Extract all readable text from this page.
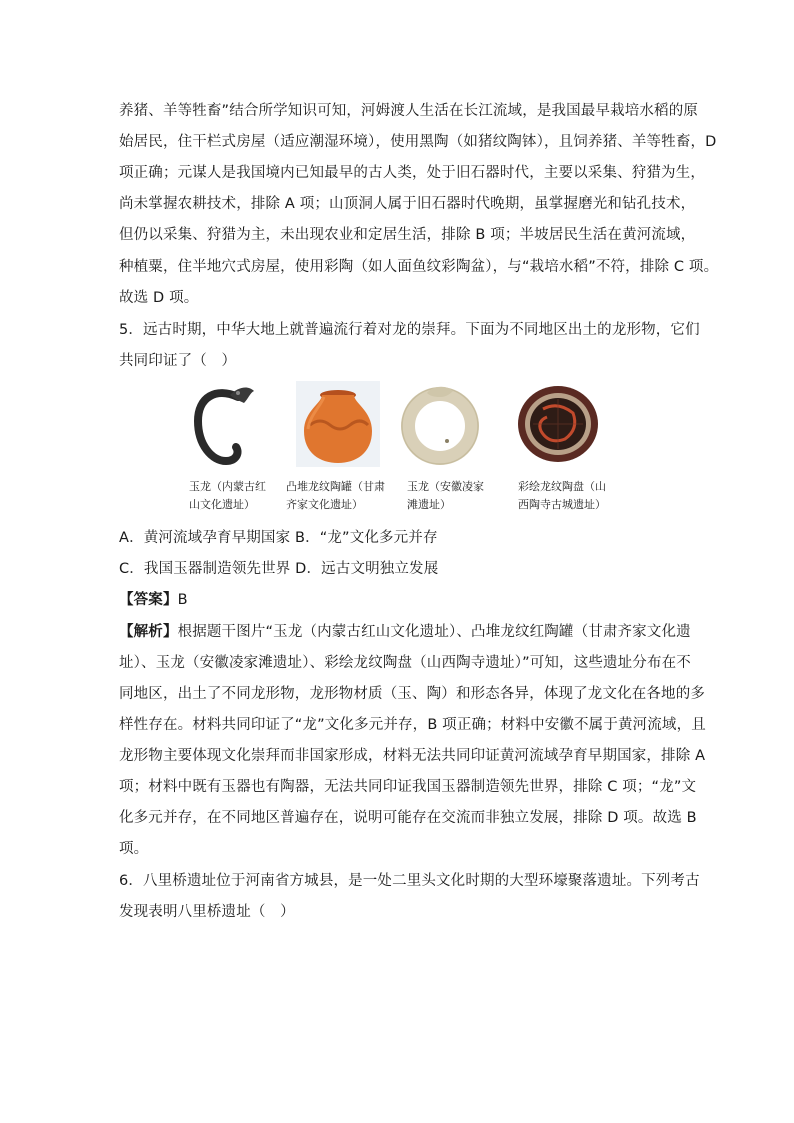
养猪、羊等牲畜”结合所学知识可知，河姆渡人生活在长江流域，是我国最早栽培水稻的原
始居民，住干栏式房屋（适应潮湿环境），使用黑陶（如猪纹陶钵），且饲养猪、羊等牲畜，D
项正确；元谋人是我国境内已知最早的古人类，处于旧石器时代，主要以采集、狩猎为生，
尚未掌握农耕技术，排除 A 项；山顶洞人属于旧石器时代晚期，虽掌握磨光和钻孔技术，
但仍以采集、狩猎为主，未出现农业和定居生活，排除 B 项；半坡居民生活在黄河流域，
种植粟，住半地穴式房屋，使用彩陶（如人面鱼纹彩陶盆），与“栽培水稻”不符，排除 C 项。
故选 D 项。
5．远古时期，中华大地上就普遍流行着对龙的崇拜。下面为不同地区出土的龙形物，它们
共同印证了（　）
玉龙（内蒙古红
山文化遗址）
凸堆龙纹陶罐（甘肃
齐家文化遗址）
玉龙（安徽凌家
滩遗址）
彩绘龙纹陶盘（山
西陶寺古城遗址）
A．黄河流域孕育早期国家 B．“龙”文化多元并存
C．我国玉器制造领先世界 D．远古文明独立发展
【答案】B
【解析】根据题干图片“玉龙（内蒙古红山文化遗址）、凸堆龙纹红陶罐（甘肃齐家文化遗
址）、玉龙（安徽凌家滩遗址）、彩绘龙纹陶盘（山西陶寺遗址）”可知，这些遗址分布在不
同地区，出土了不同龙形物，龙形物材质（玉、陶）和形态各异，体现了龙文化在各地的多
样性存在。材料共同印证了“龙”文化多元并存，B 项正确；材料中安徽不属于黄河流域，且
龙形物主要体现文化崇拜而非国家形成，材料无法共同印证黄河流域孕育早期国家，排除 A
项；材料中既有玉器也有陶器，无法共同印证我国玉器制造领先世界，排除 C 项；“龙”文
化多元并存，在不同地区普遍存在，说明可能存在交流而非独立发展，排除 D 项。故选 B
项。
6．八里桥遗址位于河南省方城县，是一处二里头文化时期的大型环壕聚落遗址。下列考古
发现表明八里桥遗址（　）
